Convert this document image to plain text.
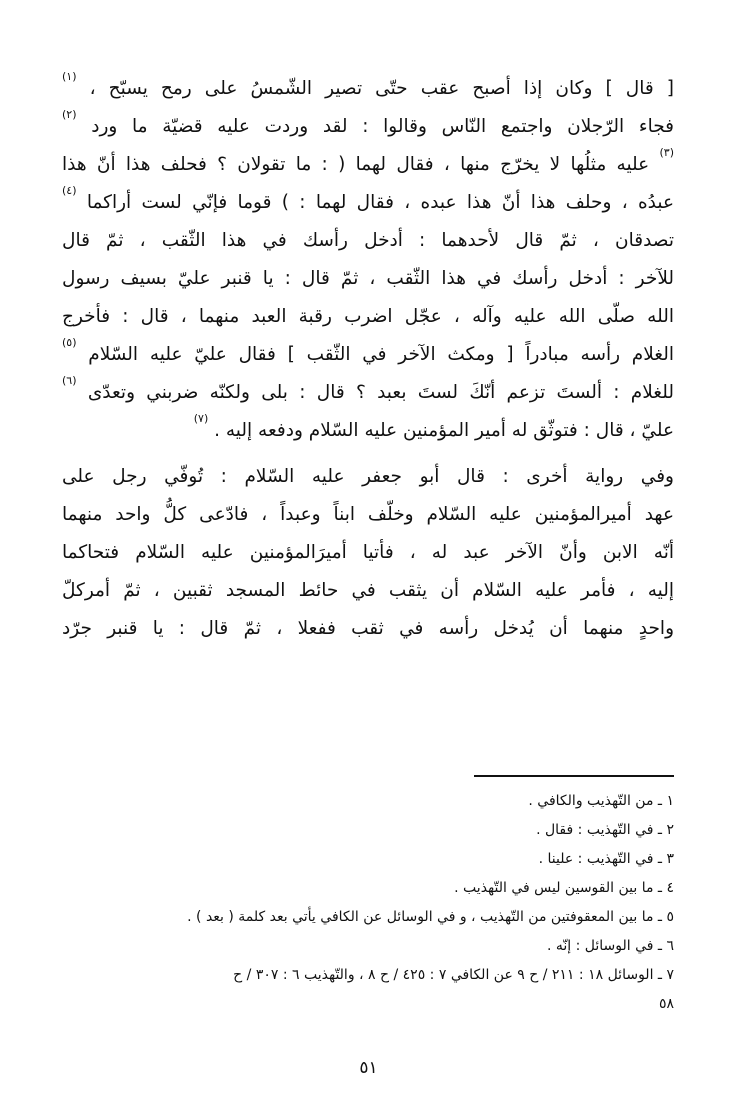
[ قال ] وكان إذا أصبح عقب حتّى تصير الشّمسُ على رمح يسبّح ، $^{(١)}$
فجاء الرّجلان واجتمع النّاس وقالوا : لقد وردت عليه قضيّة ما ورد $^{(٢)}$
$^{(٣)}$ عليه مثلُها لا يخرّج منها ، فقال لهما ( : ما تقولان ؟ فحلف هذا أنّ هذا
عبدُه ، وحلف هذا أنّ هذا عبده ، فقال لهما : ) قوما فإنّي لست أراكما $^{(٤)}$
تصدقان ، ثمّ قال لأحدهما : أدخل رأسك في هذا الثّقب ، ثمّ قال
للآخر : أدخل رأسك في هذا الثّقب ، ثمّ قال : يا قنبر عليّ بسيف رسول
الله صلّى الله عليه وآله ، عجّل اضرب رقبة العبد منهما ، قال : فأخرج
الغلام رأسه مبادراً [ ومكث الآخر في الثّقب ] فقال عليّ عليه السّلام $^{(٥)}$
للغلام : ألستَ تزعم أنّكَ لستَ بعبد ؟ قال : بلى ولكنّه ضربني وتعدّى $^{(٦)}$
عليّ ، قال : فتوثّق له أمير المؤمنين عليه السّلام ودفعه إليه . $^{(٧)}$
وفي رواية أخرى : قال أبو جعفر عليه السّلام : تُوفّي رجل على
عهد أميرالمؤمنين عليه السّلام وخلّف ابناً وعبداً ، فادّعى كلُّ واحد منهما
أنّه الابن وأنّ الآخر عبد له ، فأتيا أميرَالمؤمنين عليه السّلام فتحاكما
إليه ، فأمر عليه السّلام أن يثقب في حائط المسجد ثقبين ، ثمّ أمركلّ
واحدٍ منهما أن يُدخل رأسه في ثقب ففعلا ، ثمّ قال : يا قنبر جرّد
١ ـ من التّهذيب والكافي .
٢ ـ في التّهذيب : فقال .
٣ ـ في التّهذيب : علينا .
٤ ـ ما بين القوسين ليس في التّهذيب .
٥ ـ ما بين المعقوفتين من التّهذيب ، و في الوسائل عن الكافي يأتي بعد كلمة ( بعد ) .
٦ ـ في الوسائل : إنّه .
٧ ـ الوسائل ١٨ : ٢١١ / ح ٩ عن الكافي ٧ : ٤٢٥ / ح ٨ ، والتّهذيب ٦ : ٣٠٧ / ح
٥٨
٥١
